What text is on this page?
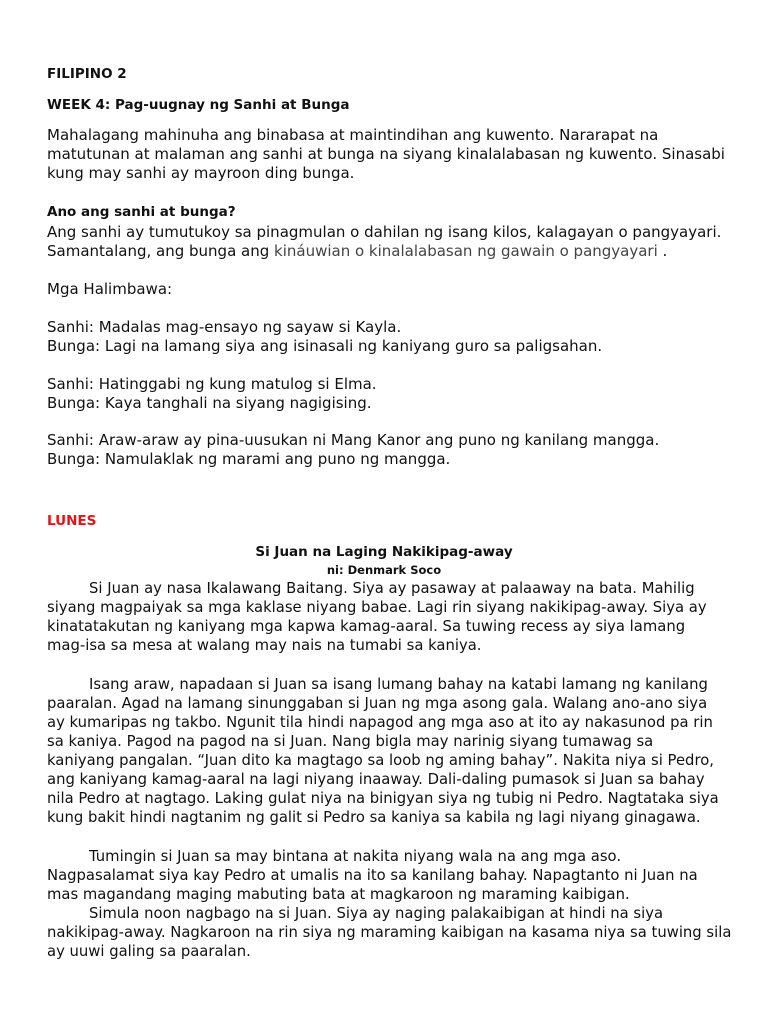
FILIPINO 2
WEEK 4: Pag-uugnay ng Sanhi at Bunga
Mahalagang mahinuha ang binabasa at maintindihan ang kuwento. Nararapat na
matutunan at malaman ang sanhi at bunga na siyang kinalalabasan ng kuwento. Sinasabi
kung may sanhi ay mayroon ding bunga.
Ano ang sanhi at bunga?
Ang sanhi ay tumutukoy sa pinagmulan o dahilan ng isang kilos, kalagayan o pangyayari.
Samantalang, ang bunga ang kináuwian o kinalalabasan ng gawain o pangyayari .
Mga Halimbawa:
Sanhi: Madalas mag-ensayo ng sayaw si Kayla.
Bunga: Lagi na lamang siya ang isinasali ng kaniyang guro sa paligsahan.
Sanhi: Hatinggabi ng kung matulog si Elma.
Bunga: Kaya tanghali na siyang nagigising.
Sanhi: Araw-araw ay pina-uusukan ni Mang Kanor ang puno ng kanilang mangga.
Bunga: Namulaklak ng marami ang puno ng mangga.
LUNES
Si Juan na Laging Nakikipag-away
ni: Denmark Soco
Si Juan ay nasa Ikalawang Baitang. Siya ay pasaway at palaaway na bata. Mahilig
siyang magpaiyak sa mga kaklase niyang babae. Lagi rin siyang nakikipag-away. Siya ay
kinatatakutan ng kaniyang mga kapwa kamag-aaral. Sa tuwing recess ay siya lamang
mag-isa sa mesa at walang may nais na tumabi sa kaniya.
Isang araw, napadaan si Juan sa isang lumang bahay na katabi lamang ng kanilang
paaralan. Agad na lamang sinunggaban si Juan ng mga asong gala. Walang ano-ano siya
ay kumaripas ng takbo. Ngunit tila hindi napagod ang mga aso at ito ay nakasunod pa rin
sa kaniya. Pagod na pagod na si Juan. Nang bigla may narinig siyang tumawag sa
kaniyang pangalan. “Juan dito ka magtago sa loob ng aming bahay”. Nakita niya si Pedro,
ang kaniyang kamag-aaral na lagi niyang inaaway. Dali-daling pumasok si Juan sa bahay
nila Pedro at nagtago. Laking gulat niya na binigyan siya ng tubig ni Pedro. Nagtataka siya
kung bakit hindi nagtanim ng galit si Pedro sa kaniya sa kabila ng lagi niyang ginagawa.
Tumingin si Juan sa may bintana at nakita niyang wala na ang mga aso.
Nagpasalamat siya kay Pedro at umalis na ito sa kanilang bahay. Napagtanto ni Juan na
mas magandang maging mabuting bata at magkaroon ng maraming kaibigan.
Simula noon nagbago na si Juan. Siya ay naging palakaibigan at hindi na siya
nakikipag-away. Nagkaroon na rin siya ng maraming kaibigan na kasama niya sa tuwing sila
ay uuwi galing sa paaralan.
